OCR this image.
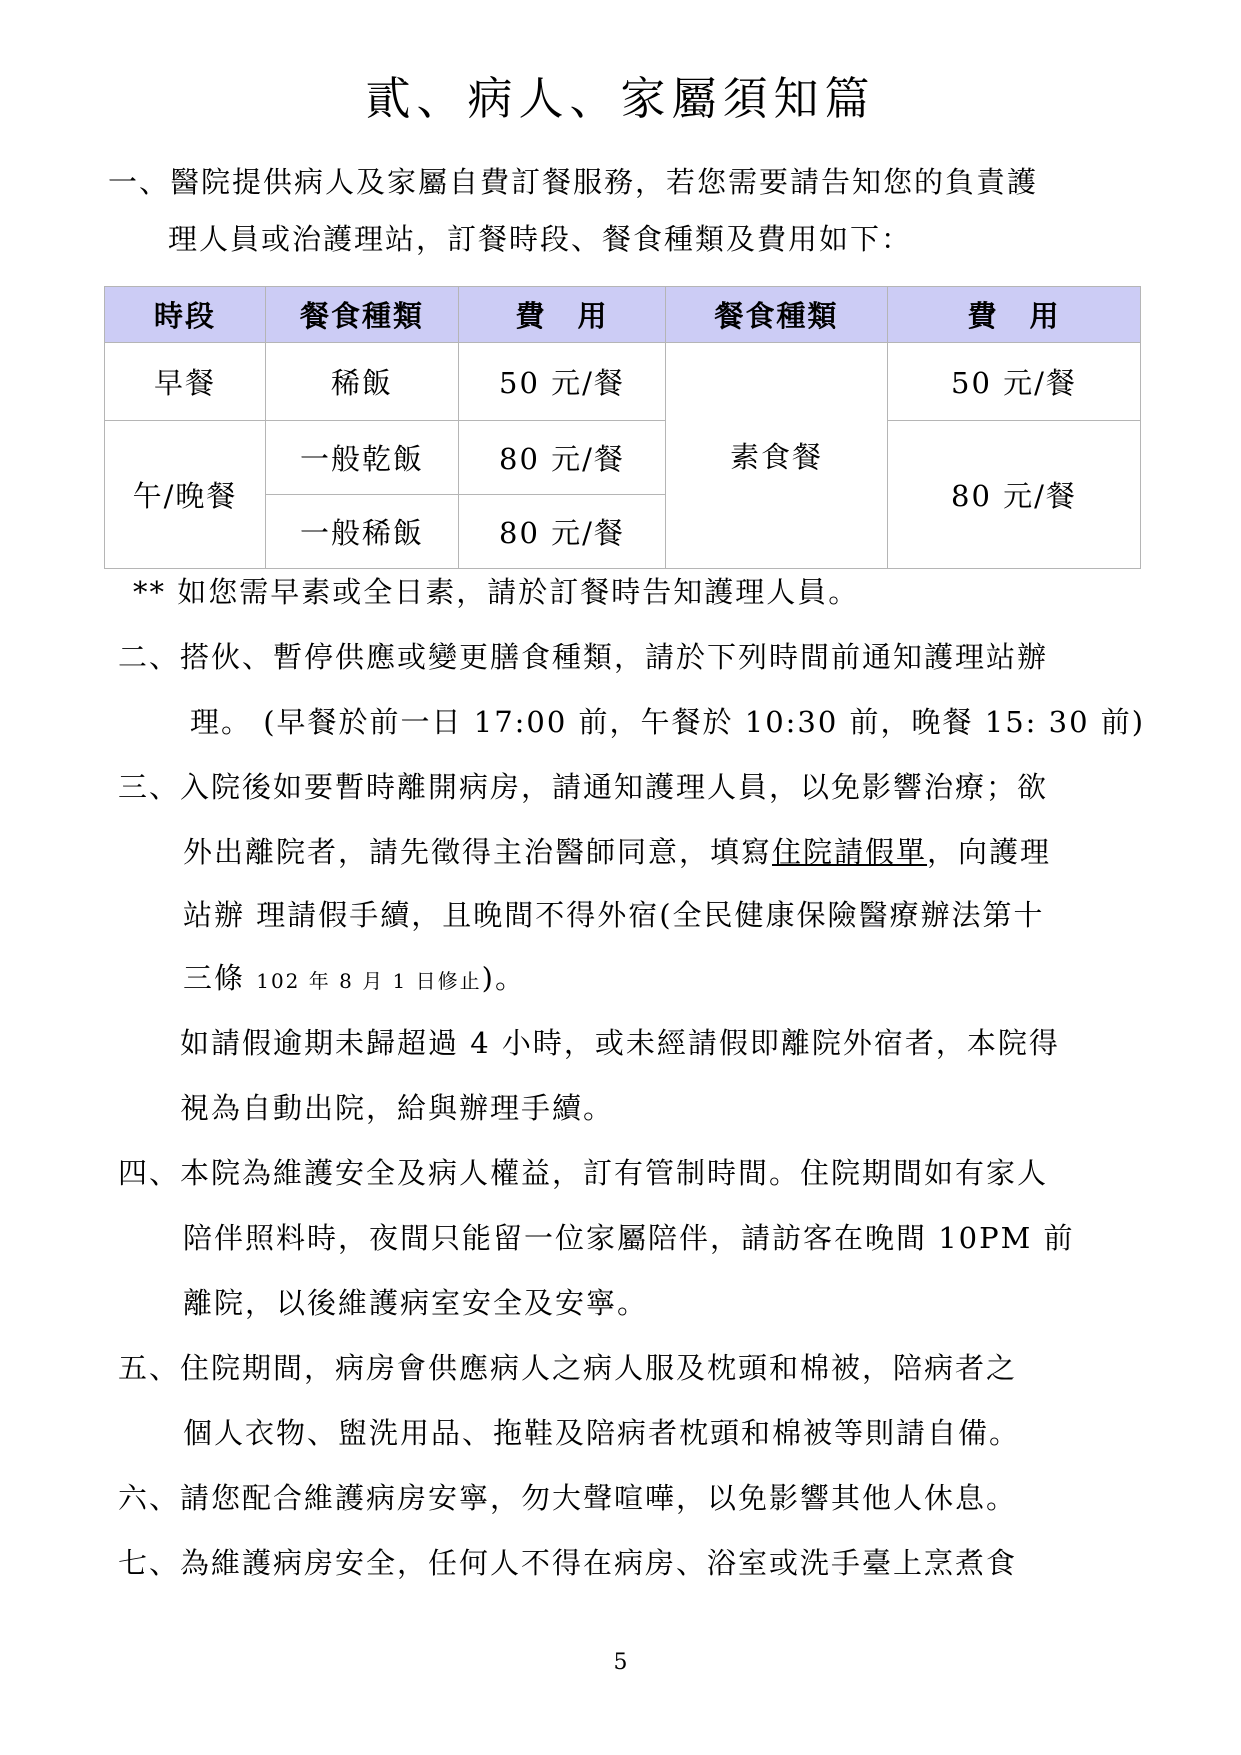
貳、病人、家屬須知篇
一、醫院提供病人及家屬自費訂餐服務，若您需要請告知您的負責護
理人員或治護理站，訂餐時段、餐食種類及費用如下：
時段	餐食種類	費　用	餐食種類	費　用
早餐	稀飯	50 元/餐	素食餐	50 元/餐
午/晚餐	一般乾飯	80 元/餐		80 元/餐
	一般稀飯	80 元/餐		
** 如您需早素或全日素，請於訂餐時告知護理人員。
二、搭伙、暫停供應或變更膳食種類，請於下列時間前通知護理站辦
理。 (早餐於前一日 17:00 前，午餐於 10:30 前，晚餐 15: 30 前)
三、入院後如要暫時離開病房，請通知護理人員，以免影響治療；欲
外出離院者，請先徵得主治醫師同意，填寫住院請假單，向護理
站辦 理請假手續，且晚間不得外宿(全民健康保險醫療辦法第十
三條 102 年 8 月 1 日修止)。
如請假逾期未歸超過 4 小時，或未經請假即離院外宿者，本院得
視為自動出院，給與辦理手續。
四、本院為維護安全及病人權益，訂有管制時間。住院期間如有家人
陪伴照料時，夜間只能留一位家屬陪伴，請訪客在晚間 10PM 前
離院，以後維護病室安全及安寧。
五、住院期間，病房會供應病人之病人服及枕頭和棉被，陪病者之
個人衣物、盥洗用品、拖鞋及陪病者枕頭和棉被等則請自備。
六、請您配合維護病房安寧，勿大聲喧嘩，以免影響其他人休息。
七、為維護病房安全，任何人不得在病房、浴室或洗手臺上烹煮食
5
